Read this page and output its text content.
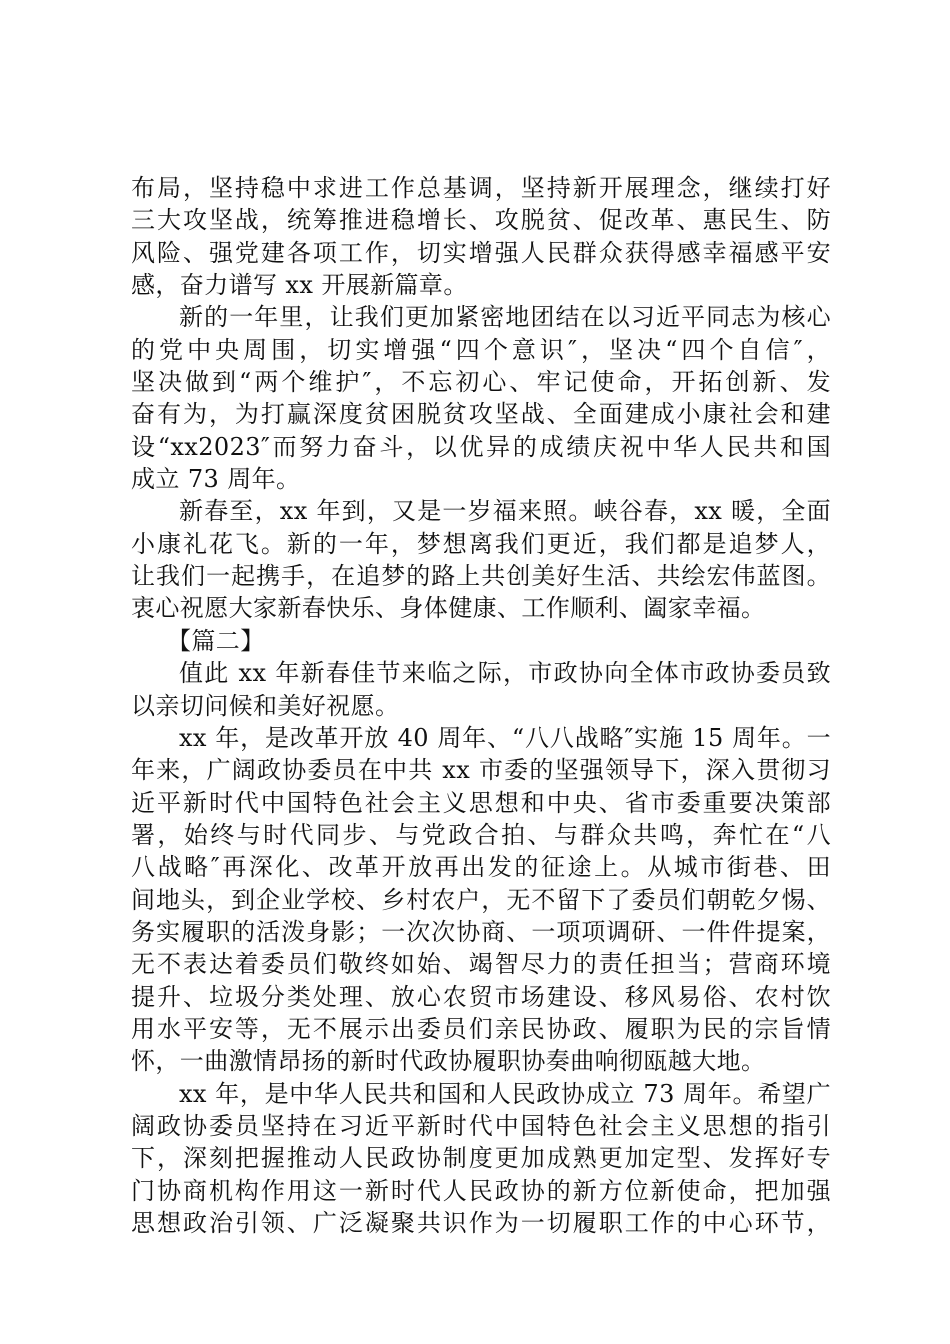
布局，坚持稳中求进工作总基调，坚持新开展理念，继续打好
三大攻坚战，统筹推进稳增长、攻脱贫、促改革、惠民生、防
风险、强党建各项工作，切实增强人民群众获得感幸福感平安
感，奋力谱写 xx 开展新篇章。
新的一年里，让我们更加紧密地团结在以习近平同志为核心
的党中央周围，切实增强“四个意识″，坚决“四个自信″，
坚决做到“两个维护″，不忘初心、牢记使命，开拓创新、发
奋有为，为打赢深度贫困脱贫攻坚战、全面建成小康社会和建
设“xx2023″而努力奋斗，以优异的成绩庆祝中华人民共和国
成立 73 周年。
新春至，xx 年到，又是一岁福来照。峡谷春，xx 暖，全面
小康礼花飞。新的一年，梦想离我们更近，我们都是追梦人，
让我们一起携手，在追梦的路上共创美好生活、共绘宏伟蓝图。
衷心祝愿大家新春快乐、身体健康、工作顺利、阖家幸福。
【篇二】
值此 xx 年新春佳节来临之际，市政协向全体市政协委员致
以亲切问候和美好祝愿。
xx 年，是改革开放 40 周年、“八八战略″实施 15 周年。一
年来，广阔政协委员在中共 xx 市委的坚强领导下，深入贯彻习
近平新时代中国特色社会主义思想和中央、省市委重要决策部
署，始终与时代同步、与党政合拍、与群众共鸣，奔忙在“八
八战略″再深化、改革开放再出发的征途上。从城市街巷、田
间地头，到企业学校、乡村农户，无不留下了委员们朝乾夕惕、
务实履职的活泼身影；一次次协商、一项项调研、一件件提案，
无不表达着委员们敬终如始、竭智尽力的责任担当；营商环境
提升、垃圾分类处理、放心农贸市场建设、移风易俗、农村饮
用水平安等，无不展示出委员们亲民协政、履职为民的宗旨情
怀，一曲激情昂扬的新时代政协履职协奏曲响彻瓯越大地。
xx 年，是中华人民共和国和人民政协成立 73 周年。希望广
阔政协委员坚持在习近平新时代中国特色社会主义思想的指引
下，深刻把握推动人民政协制度更加成熟更加定型、发挥好专
门协商机构作用这一新时代人民政协的新方位新使命，把加强
思想政治引领、广泛凝聚共识作为一切履职工作的中心环节，
